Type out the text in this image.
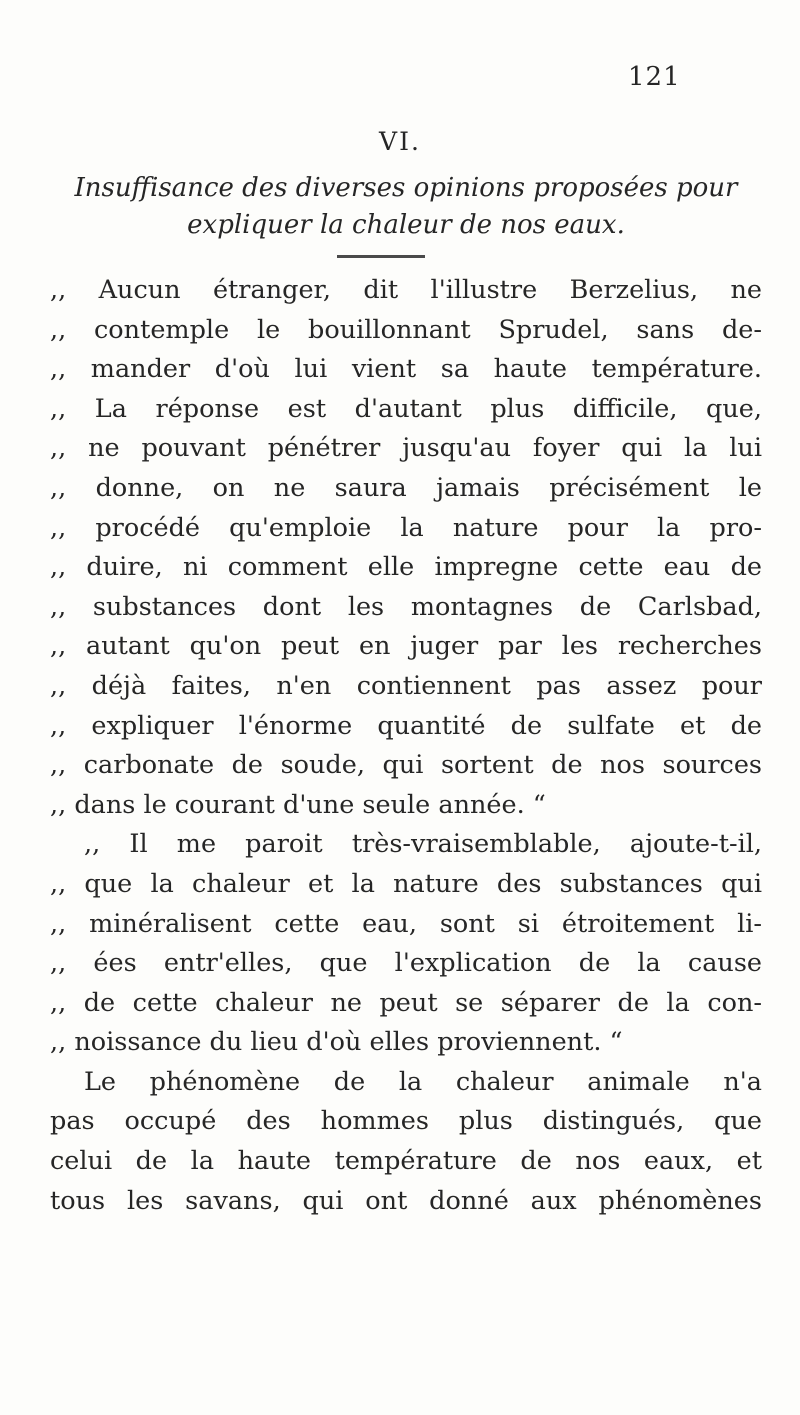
121
VI.
Insuffisance des diverses opinions proposées pour
expliquer la chaleur de nos eaux.
,, Aucun étranger, dit l'illustre Berzelius, ne
,, contemple le bouillonnant Sprudel, sans de-
,, mander d'où lui vient sa haute température.
,, La réponse est d'autant plus difficile, que,
,, ne pouvant pénétrer jusqu'au foyer qui la lui
,, donne, on ne saura jamais précisément le
,, procédé qu'emploie la nature pour la pro-
,, duire, ni comment elle impregne cette eau de
,, substances dont les montagnes de Carlsbad,
,, autant qu'on peut en juger par les recherches
,, déjà faites, n'en contiennent pas assez pour
,, expliquer l'énorme quantité de sulfate et de
,, carbonate de soude, qui sortent de nos sources
,, dans le courant d'une seule année. “
,, Il me paroit très-vraisemblable, ajoute-t-il,
,, que la chaleur et la nature des substances qui
,, minéralisent cette eau, sont si étroitement li-
,, ées entr'elles, que l'explication de la cause
,, de cette chaleur ne peut se séparer de la con-
,, noissance du lieu d'où elles proviennent. “
Le phénomène de la chaleur animale n'a
pas occupé des hommes plus distingués, que
celui de la haute température de nos eaux, et
tous les savans, qui ont donné aux phénomènes
